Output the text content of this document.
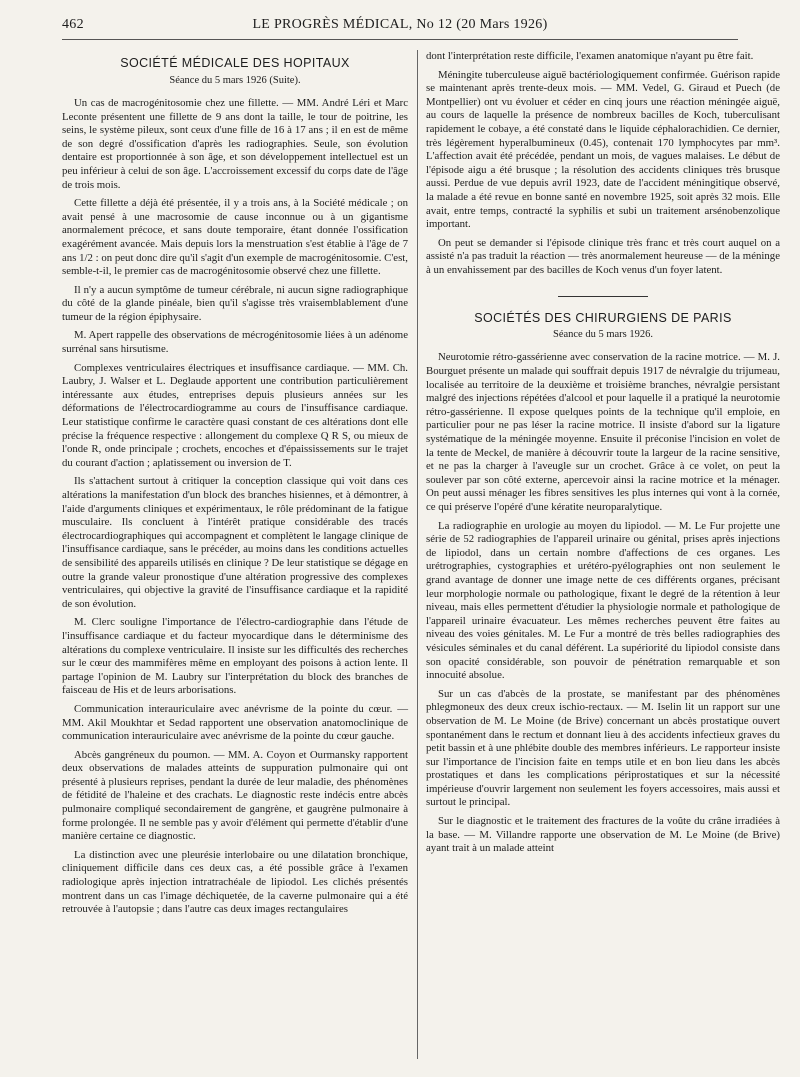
462	LE PROGRÈS MÉDICAL, No 12 (20 Mars 1926)
SOCIÉTÉ MÉDICALE DES HOPITAUX
Séance du 5 mars 1926 (Suite).

Un cas de macrogénitosomie chez une fillette. — MM. André Léri et Marc Leconte présentent une fillette de 9 ans dont la taille, le tour de poitrine, les seins, le système pileux, sont ceux d'une fille de 16 à 17 ans ; il en est de même de son degré d'ossification d'après les radiographies. Seule, son évolution dentaire est proportionnée à son âge, et son développement intellectuel est un peu inférieur à celui de son âge. L'accroissement excessif du corps date de l'âge de trois mois.

Cette fillette a déjà été présentée, il y a trois ans, à la Société médicale ; on avait pensé à une macrosomie de cause inconnue ou à un gigantisme anormalement précoce, et sans doute temporaire, étant donnée l'ossification exagérément avancée. Mais depuis lors la menstruation s'est établie à l'âge de 7 ans 1/2 : on peut donc dire qu'il s'agit d'un exemple de macrogénitosomie. C'est, semble-t-il, le premier cas de macrogénitosomie observé chez une fillette.

Il n'y a aucun symptôme de tumeur cérébrale, ni aucun signe radiographique du côté de la glande pinéale, bien qu'il s'agisse très vraisemblablement d'une tumeur de la région épiphysaire.

M. Apert rappelle des observations de mécrogénitosomie liées à un adénome surrénal sans hirsutisme.

Complexes ventriculaires électriques et insuffisance cardiaque. — MM. Ch. Laubry, J. Walser et L. Deglaude apportent une contribution particulièrement intéressante aux études, entreprises depuis plusieurs années sur les déformations de l'électrocardiogramme au cours de l'insuffisance cardiaque. Leur statistique confirme le caractère quasi constant de ces altérations dont elle précise la fréquence respective : allongement du complexe Q R S, ou mieux de l'onde R, onde principale ; crochets, encoches et d'épaississements sur le trajet du courant d'action ; aplatissement ou inversion de T.

Ils s'attachent surtout à critiquer la conception classique qui voit dans ces altérations la manifestation d'un block des branches hisiennes, et à démontrer, à l'aide d'arguments cliniques et expérimentaux, le rôle prédominant de la fatigue musculaire. Ils concluent à l'intérêt pratique considérable des tracés électrocardiographiques qui accompagnent et complètent le langage clinique de l'insuffisance cardiaque, sans le précéder, au moins dans les conditions actuelles de sensibilité des appareils utilisés en clinique ? De leur statistique se dégage en outre la grande valeur pronostique d'une altération progressive des complexes ventriculaires, qui objective la gravité de l'insuffisance cardiaque et la rapidité de son évolution.

M. Clerc souligne l'importance de l'électro-cardiographie dans l'étude de l'insuffisance cardiaque et du facteur myocardique dans le déterminisme des altérations du complexe ventriculaire. Il insiste sur les difficultés des recherches sur le cœur des mammifères même en employant des poisons à action lente. Il partage l'opinion de M. Laubry sur l'interprétation du block des branches de faisceau de His et de leurs arborisations.

Communication interauriculaire avec anévrisme de la pointe du cœur. — MM. Akil Moukhtar et Sedad rapportent une observation anatomoclinique de communication interauriculaire avec anévrisme de la pointe du cœur gauche.

Abcès gangréneux du poumon. — MM. A. Coyon et Ourmansky rapportent deux observations de malades atteints de suppuration pulmonaire qui ont présenté à plusieurs reprises, pendant la durée de leur maladie, des phénomènes de fétidité de l'haleine et des crachats. Le diagnostic reste indécis entre abcès pulmonaire compliqué secondairement de gangrène, et gaugrène pulmonaire à forme prolongée. Il ne semble pas y avoir d'élément qui permette d'établir d'une manière certaine ce diagnostic.

La distinction avec une pleurésie interlobaire ou une dilatation bronchique, cliniquement difficile dans ces deux cas, a été possible grâce à l'examen radiologique après injection intratrachéale de lipiodol. Les clichés présentés montrent dans un cas l'image déchiquetée, de la caverne pulmonaire qui a été retrouvée à l'autopsie ; dans l'autre cas deux images rectangulaires

dont l'interprétation reste difficile, l'examen anatomique n'ayant pu être fait.

Méningite tuberculeuse aiguë bactériologiquement confirmée. Guérison rapide se maintenant après trente-deux mois. — MM. Vedel, G. Giraud et Puech (de Montpellier) ont vu évoluer et céder en cinq jours une réaction méningée aiguë, au cours de laquelle la présence de nombreux bacilles de Koch, tuberculisant rapidement le cobaye, a été constaté dans le liquide céphalorachidien. Ce dernier, très légèrement hyperalbumineux (0.45), contenait 170 lymphocytes par mm³. L'affection avait été précédée, pendant un mois, de vagues malaises. Le début de l'épisode aigu a été brusque ; la résolution des accidents cliniques très brusque aussi. Perdue de vue depuis avril 1923, date de l'accident méningitique observé, la malade a été revue en bonne santé en novembre 1925, soit après 32 mois. Elle avait, entre temps, contracté la syphilis et subi un traitement arsénobenzolique important.

On peut se demander si l'épisode clinique très franc et très court auquel on a assisté n'a pas traduit la réaction — très anormalement heureuse — de la méninge à un envahissement par des bacilles de Koch venus d'un foyer latent.

SOCIÉTÉS DES CHIRURGIENS DE PARIS
Séance du 5 mars 1926.

Neurotomie rétro-gassérienne avec conservation de la racine motrice. — M. J. Bourguet présente un malade qui souffrait depuis 1917 de névralgie du trijumeau, localisée au territoire de la deuxième et troisième branches, névralgie persistant malgré des injections répétées d'alcool et pour laquelle il a pratiqué la neurotomie rétro-gassérienne. Il expose quelques points de la technique qu'il emploie, en particulier pour ne pas léser la racine motrice. Il insiste d'abord sur la ligature systématique de la méningée moyenne. Ensuite il préconise l'incision en volet de la tente de Meckel, de manière à découvrir toute la largeur de la racine sensitive, et ne pas la charger à l'aveugle sur un crochet. Grâce à ce volet, on peut la soulever par son côté externe, apercevoir ainsi la racine motrice et la ménager. On peut aussi ménager les fibres sensitives les plus internes qui vont à la cornée, ce qui préserve l'opéré d'une kératite neuroparalytique.

La radiographie en urologie au moyen du lipiodol. — M. Le Fur projette une série de 52 radiographies de l'appareil urinaire ou génital, prises après injections de lipiodol, dans un certain nombre d'affections de ces organes. Les urétrographies, cystographies et urétéro-pyélographies ont non seulement le grand avantage de donner une image nette de ces différents organes, précisant leur morphologie normale ou pathologique, fixant le degré de la rétention à leur niveau, mais elles permettent d'étudier la physiologie normale et pathologique de l'appareil urinaire évacuateur. Les mêmes recherches peuvent être faites au niveau des voies génitales. M. Le Fur a montré de très belles radiographies des vésicules séminales et du canal déférent. La supériorité du lipiodol consiste dans son opacité considérable, son pouvoir de pénétration remarquable et son innocuité absolue.

Sur un cas d'abcès de la prostate, se manifestant par des phénomènes phlegmoneux des deux creux ischio-rectaux. — M. Iselin lit un rapport sur une observation de M. Le Moine (de Brive) concernant un abcès prostatique ouvert spontanément dans le rectum et donnant lieu à des accidents infectieux graves du petit bassin et à une phlébite double des membres inférieurs. Le rapporteur insiste sur l'importance de l'incision faite en temps utile et en bon lieu dans les abcès prostatiques et dans les complications périprostatiques et sur la nécessité impérieuse d'ouvrir largement non seulement les foyers accessoires, mais aussi et surtout le principal.

Sur le diagnostic et le traitement des fractures de la voûte du crâne irradiées à la base. — M. Villandre rapporte une observation de M. Le Moine (de Brive) ayant trait à un malade atteint
